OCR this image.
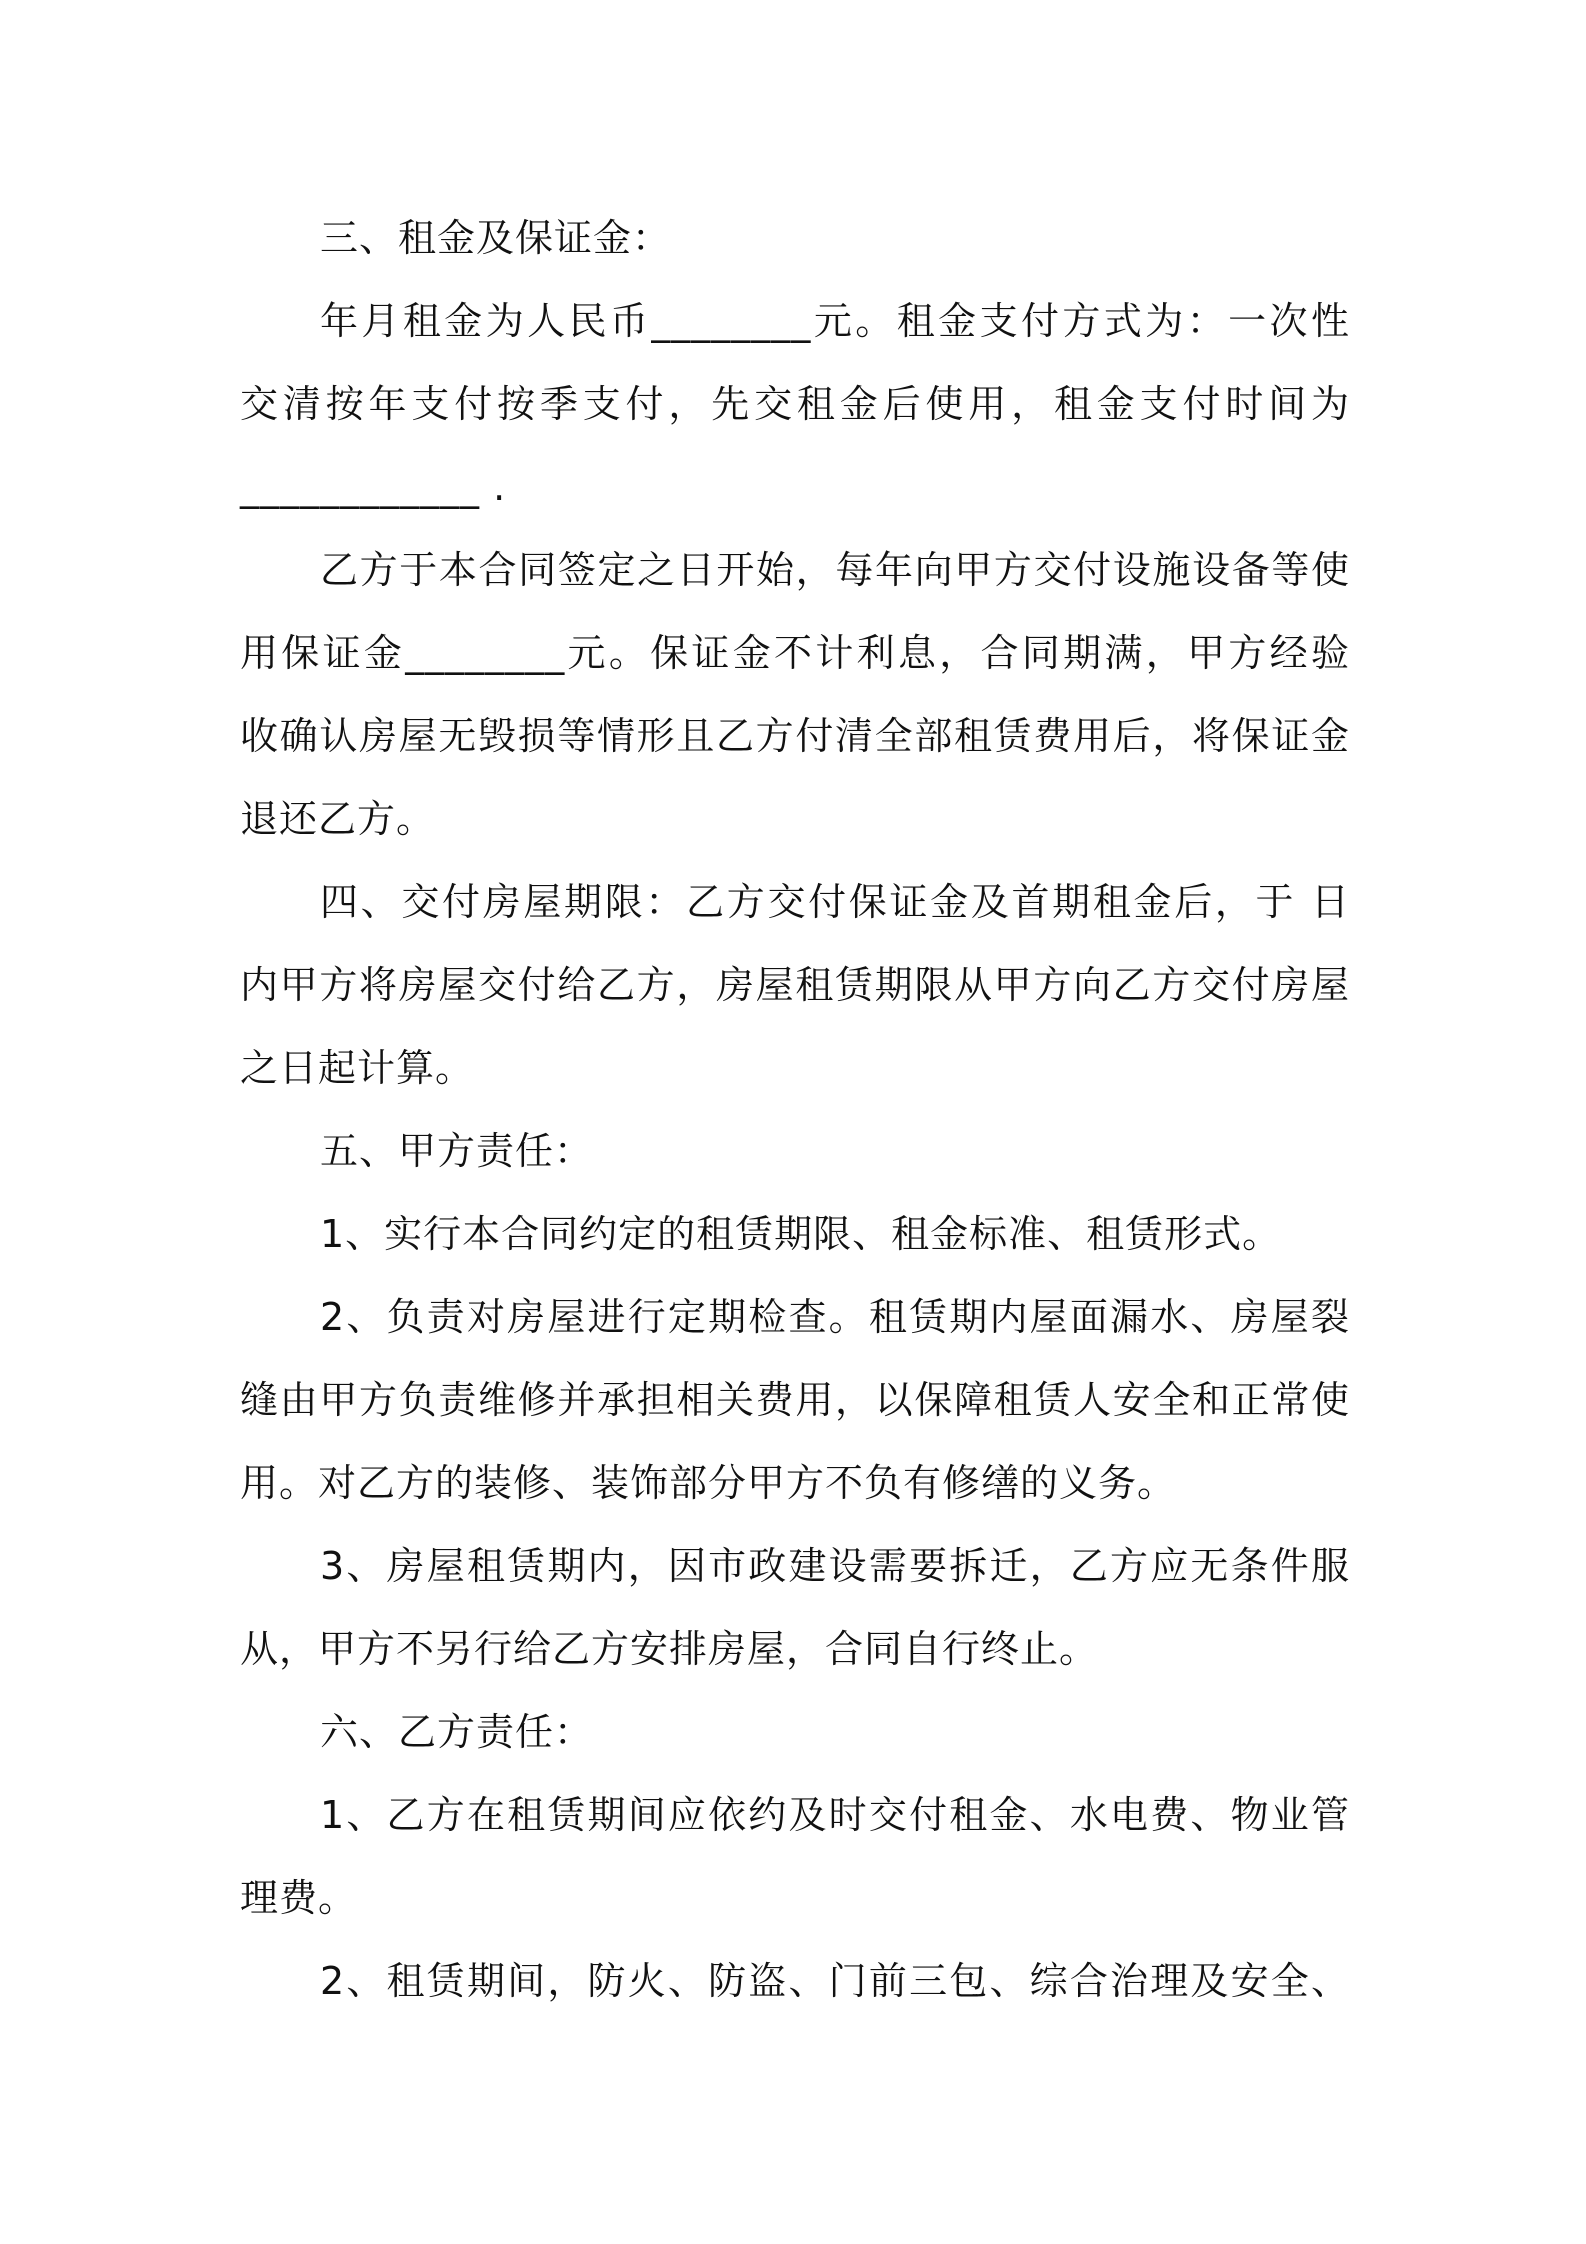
三、租金及保证金：
年月租金为人民币________元。租金支付方式为：一次性
交清按年支付按季支付，先交租金后使用，租金支付时间为
____________ .
乙方于本合同签定之日开始，每年向甲方交付设施设备等使
用保证金________元。保证金不计利息，合同期满，甲方经验
收确认房屋无毁损等情形且乙方付清全部租赁费用后，将保证金
退还乙方。
四、交付房屋期限：乙方交付保证金及首期租金后，于 日
内甲方将房屋交付给乙方，房屋租赁期限从甲方向乙方交付房屋
之日起计算。
五、甲方责任：
1、实行本合同约定的租赁期限、租金标准、租赁形式。
2、负责对房屋进行定期检查。租赁期内屋面漏水、房屋裂
缝由甲方负责维修并承担相关费用，以保障租赁人安全和正常使
用。对乙方的装修、装饰部分甲方不负有修缮的义务。
3、房屋租赁期内，因市政建设需要拆迁，乙方应无条件服
从，甲方不另行给乙方安排房屋，合同自行终止。
六、乙方责任：
1、乙方在租赁期间应依约及时交付租金、水电费、物业管
理费。
2、租赁期间，防火、防盗、门前三包、综合治理及安全、
